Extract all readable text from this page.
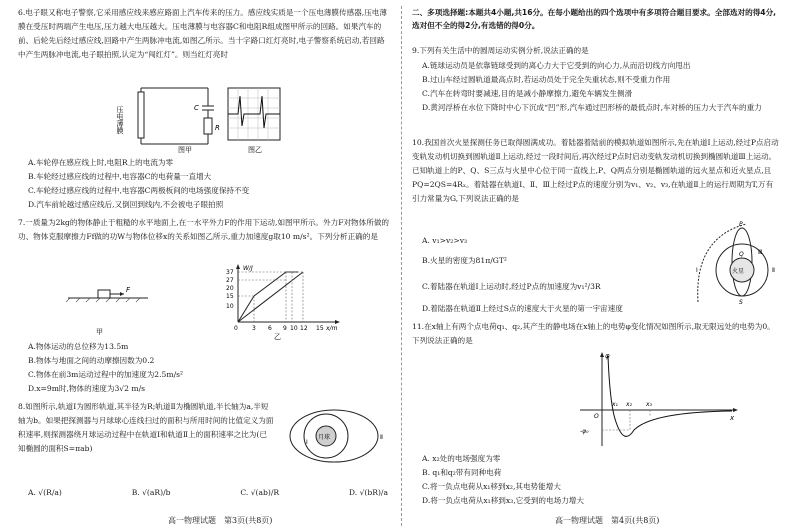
6.电子眼又称电子警察,它采用感应线来感应路面上汽车传来的压力。感应线实质是一个压电薄膜传感器,压电薄膜在受压时两端产生电压,压力越大电压越大。压电薄膜与电容器C和电阻R组成图甲所示的回路。如果汽车的前、后轮先后经过感应线,回路中产生两脉冲电流,如图乙所示。当十字路口红灯亮时,电子警察系统启动,若回路中产生两脉冲电流,电子眼拍照,认定为“闯红灯”。则当红灯亮时

压电薄膜	C
R
图甲	图乙

A.车轮停在感应线上时,电阻R上的电流为零

B.车轮经过感应线的过程中,电容器C的电荷量一直增大

C.车轮经过感应线的过程中,电容器C两极板间的电场强度保持不变

D.汽车前轮越过感应线后,又倒回到线内,不会被电子眼拍照

7.一质量为2kg的物体静止于粗糙的水平地面上,在一水平外力F的作用下运动,如图甲所示。外力F对物体所做的功、物体克服摩擦力Ff做的功W与物体位移x的关系如图乙所示,重力加速度g取10 m/s²。下列分析正确的是

F
甲
W/J
x/m
37
27
20
15
10
0 3 6 9 10 12 15
乙

A.物体运动的总位移为13.5m

B.物体与地面之间的动摩擦因数为0.2

C.物体在前3m运动过程中的加速度为2.5m/s²

D.x=9m时,物体的速度为3√2 m/s

8.如图所示,轨道Ⅰ为圆形轨道,其半径为R;轨道Ⅱ为椭圆轨道,半长轴为a,半短轴为b。如果把探测器与月球球心连线扫过的面积与所用时间的比值定义为面积速率,则探测器绕月球运动过程中在轨道Ⅰ和轨道Ⅱ上的面积速率之比为(已知椭圆的面积S=πab)

月球
Ⅰ
Ⅱ
A. √(R/a)	B. √(aR)/b	C. √(ab)/R	D. √(bR)/a
高一物理试题　第3页(共8页)
二、多项选择题:本题共4小题,共16分。在每小题给出的四个选项中有多项符合题目要求。全部选对的得4分,选对但不全的得2分,有选错的得0分。

9.下列有关生活中的圆周运动实例分析,说法正确的是

A.链球运动员是依靠链球受到的离心力大于它受到的向心力,从而沿切线方向甩出

B.过山车经过圆轨道最高点时,若运动员处于完全失重状态,则不受重力作用

C.汽车在转弯时要减速,目的是减小静摩擦力,避免车辆发生侧滑

D.黄河浮桥在水位下降时中心下沉成“凹”形,汽车通过凹形桥的最低点时,车对桥的压力大于汽车的重力

10.我国首次火星探测任务已取得圆满成功。着陆器着陆前的模拟轨道如图所示,先在轨道Ⅰ上运动,经过P点启动变轨发动机切换到圆轨道Ⅱ上运动,经过一段时间后,再次经过P点时启动变轨发动机切换到椭圆轨道Ⅲ上运动。已知轨道上的P、Q、S三点与火星中心位于同一直线上,P、Q两点分别是椭圆轨道的远火星点和近火星点,且PQ=2QS=4Rₓ。着陆器在轨道Ⅰ、Ⅱ、Ⅲ上经过P点的速度分别为v₁、v₂、v₃,在轨道Ⅱ上的运行周期为T,万有引力常量为G,下列说法正确的是

A. v₁>v₂>v₃

B.火星的密度为81π/GT²

C.着陆器在轨道Ⅰ上运动时,经过P点的加速度为v₁²/3R

D.着陆器在轨道Ⅱ上经过S点的速度大于火星的第一宇宙速度

火星
P
Q
S
Ⅰ	Ⅱ
Ⅲ

11.在x轴上有两个点电荷q₁、q₂,其产生的静电场在x轴上的电势φ变化情况如图所示,取无限远处的电势为0。下列说法正确的是

φ
x
O
x₁ x₂ x₃
-φ₀

A. x₂处的电场强度为零

B. q₁和q₂带有同种电荷

C.将一负点电荷从x₁移到x₂,其电势能增大

D.将一负点电荷从x₁移到x₃,它受到的电场力增大

高一物理试题　第4页(共8页)
